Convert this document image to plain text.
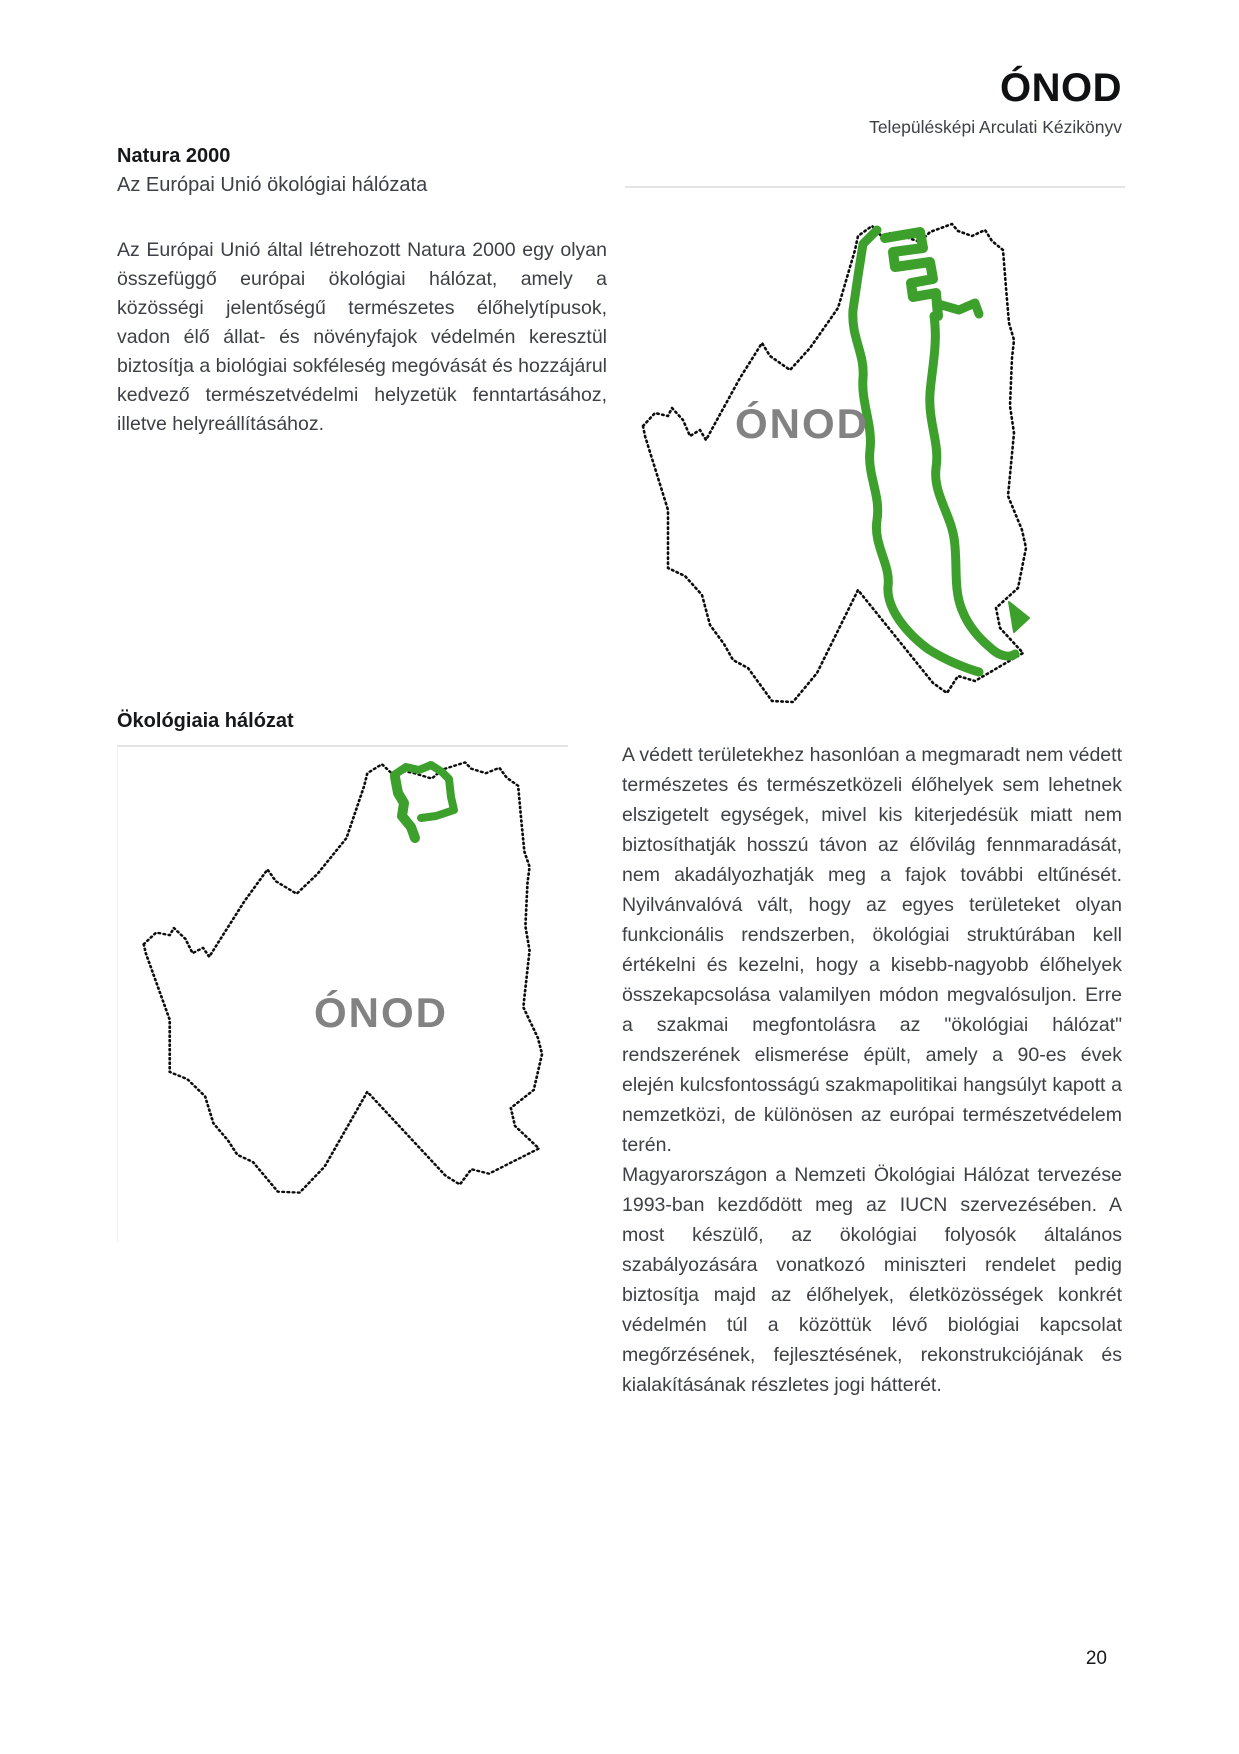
ÓNOD
Településképi Arculati Kézikönyv
Natura 2000
Az Európai Unió ökológiai hálózata
Az Európai Unió által létrehozott Natura 2000 egy olyan összefüggő európai ökológiai hálózat, amely a közösségi jelentőségű természetes élőhelytípusok, vadon élő állat- és növényfajok védelmén keresztül biztosítja a biológiai sokféleség megóvását és hozzájárul kedvező természetvédelmi helyzetük fenntartásához, illetve helyreállításához.	ÓNOD
Ökológiaia hálózat
ÓNOD

A védett területekhez hasonlóan a megmaradt nem védett természetes és természetközeli élőhelyek sem lehetnek elszigetelt egységek, mivel kis kiterjedésük miatt nem biztosíthatják hosszú távon az élővilág fennmaradását, nem akadályozhatják meg a fajok további eltűnését. Nyilvánvalóvá vált, hogy az egyes területeket olyan funkcionális rendszerben, ökológiai struktúrában kell értékelni és kezelni, hogy a kisebb-nagyobb élőhelyek összekapcsolása valamilyen módon megvalósuljon. Erre a szakmai megfontolásra az "ökológiai hálózat" rendszerének elismerése épült, amely a 90-es évek elején kulcsfontosságú szakmapolitikai hangsúlyt kapott a nemzetközi, de különösen az európai természetvédelem terén.

Magyarországon a Nemzeti Ökológiai Hálózat tervezése 1993-ban kezdődött meg az IUCN szervezésében. A most készülő, az ökológiai folyosók általános szabályozására vonatkozó miniszteri rendelet pedig biztosítja majd az élőhelyek, életközösségek konkrét védelmén túl a közöttük lévő biológiai kapcsolat megőrzésének, fejlesztésének, rekonstrukciójának és kialakításának részletes jogi hátterét.

20
